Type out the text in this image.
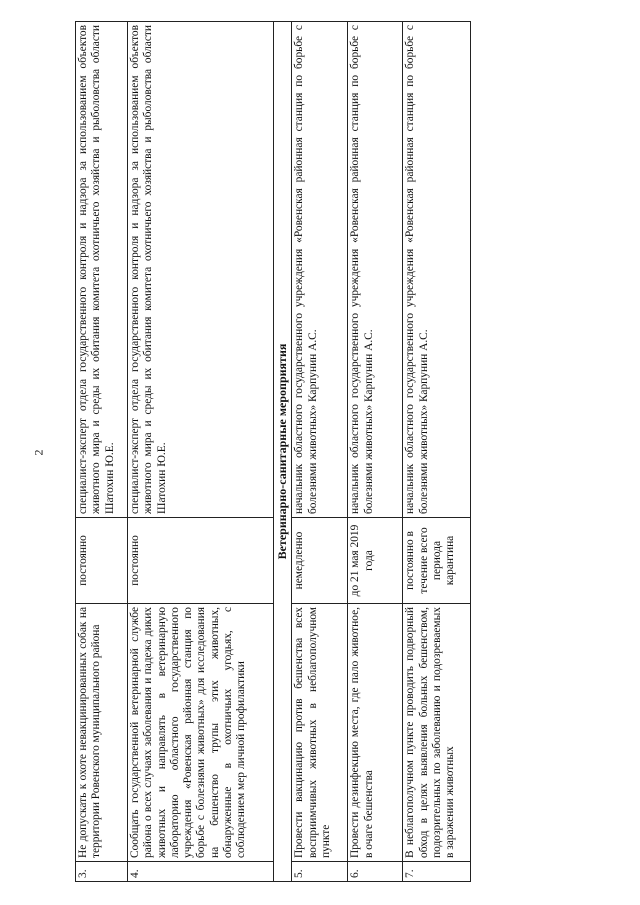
2
3.	Не допускать к охоте невакцинированных собак на территории Ровенского муниципального района	постоянно	специалист-эксперт отдела государственного контроля и надзора за использованием объектов животного мира и среды их обитания комитета охотничьего хозяйства и рыболовства области Шатохин Ю.Е.
4.	Сообщать государственной ветеринарной службе района о всех случаях заболевания и падежа диких животных и направлять в ветеринарную лабораторию областного государственного учреждения «Ровенская районная станция по борьбе с болезнями животных» для исследования на бешенство трупы этих животных, обнаруженные в охотничьих угодьях, с соблюдением мер личной профилактики	постоянно	специалист-эксперт отдела государственного контроля и надзора за использованием объектов животного мира и среды их обитания комитета охотничьего хозяйства и рыболовства области Шатохин Ю.Е.
Ветеринарно-санитарные мероприятия			
5.	Провести вакцинацию против бешенства всех восприимчивых животных в неблагополучном пункте	немедленно	начальник областного государственного учреждения «Ровенская районная станция по борьбе с болезнями животных» Карпунин А.С.
6.	Провести дезинфекцию места, где пало животное, в очаге бешенства	до 21 мая 2019 года	начальник областного государственного учреждения «Ровенская районная станция по борьбе с болезнями животных» Карпунин А.С.
7.	В неблагополучном пункте проводить подворный обход в целях выявления больных бешенством, подозрительных по заболеванию и подозреваемых в заражении животных	постоянно в течение всего периода карантина	начальник областного государственного учреждения «Ровенская районная станция по борьбе с болезнями животных» Карпунин А.С.
